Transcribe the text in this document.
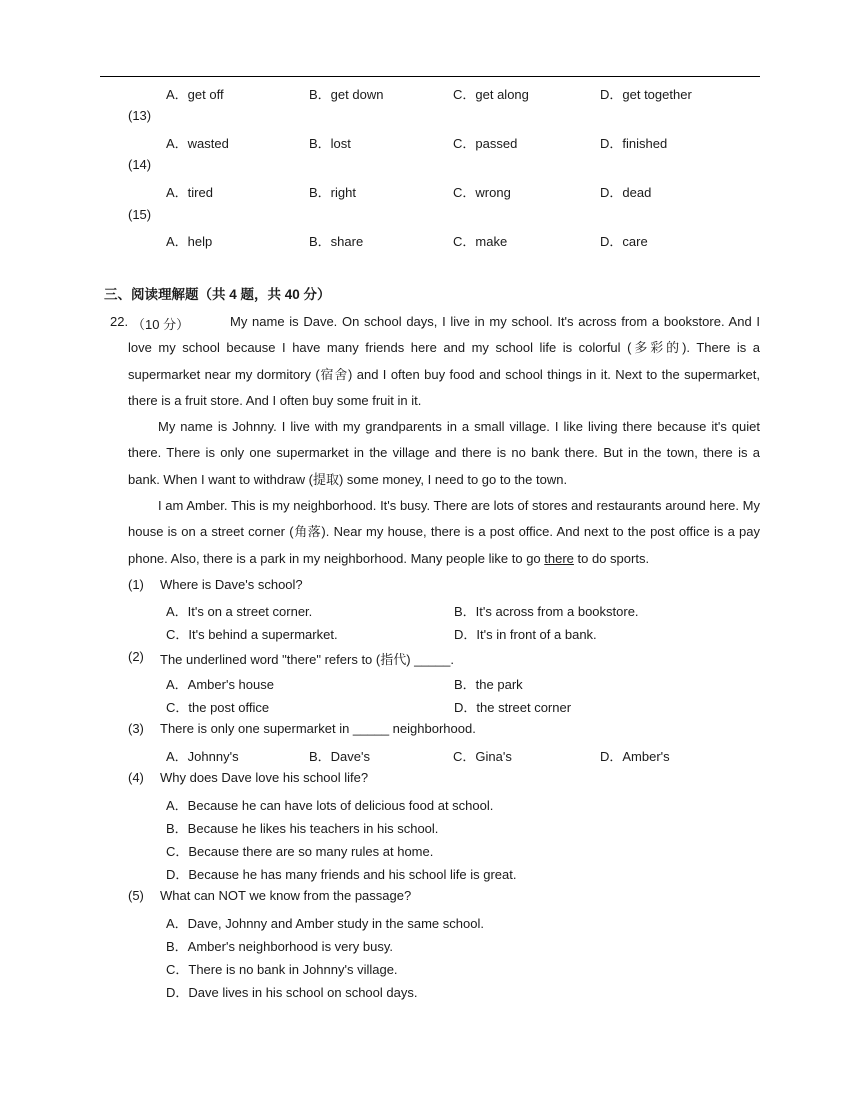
A．get off	B．get down	C．get along	D．get together
(13)
A．wasted	B．lost	C．passed	D．finished
(14)
A．tired	B．right	C．wrong	D．dead
(15)
A．help	B．share	C．make	D．care
三、阅读理解题（共 4 题，共 40 分）
22. （10 分）	My name is Dave. On school days, I live in my school. It's across from a bookstore. And I love my school because I have many friends here and my school life is colorful (多彩的). There is a supermarket near my dormitory (宿舍) and I often buy food and school things in it. Next to the supermarket, there is a fruit store. And I often buy some fruit in it.
My name is Johnny. I live with my grandparents in a small village. I like living there because it's quiet there. There is only one supermarket in the village and there is no bank there. But in the town, there is a bank. When I want to withdraw (提取) some money, I need to go to the town.
I am Amber. This is my neighborhood. It's busy. There are lots of stores and restaurants around here. My house is on a street corner (角落). Near my house, there is a post office. And next to the post office is a pay phone. Also, there is a park in my neighborhood. Many people like to go there to do sports.
(1) Where is Dave's school?
A．It's on a street corner.	B．It's across from a bookstore.
C．It's behind a supermarket.	D．It's in front of a bank.
(2) The underlined word "there" refers to (指代) _____.
A．Amber's house	B．the park
C．the post office	D．the street corner
(3) There is only one supermarket in _____ neighborhood.
A．Johnny's	B．Dave's	C．Gina's	D．Amber's
(4) Why does Dave love his school life?
A．Because he can have lots of delicious food at school.
B．Because he likes his teachers in his school.
C．Because there are so many rules at home.
D．Because he has many friends and his school life is great.
(5) What can NOT we know from the passage?
A．Dave, Johnny and Amber study in the same school.
B．Amber's neighborhood is very busy.
C．There is no bank in Johnny's village.
D．Dave lives in his school on school days.
